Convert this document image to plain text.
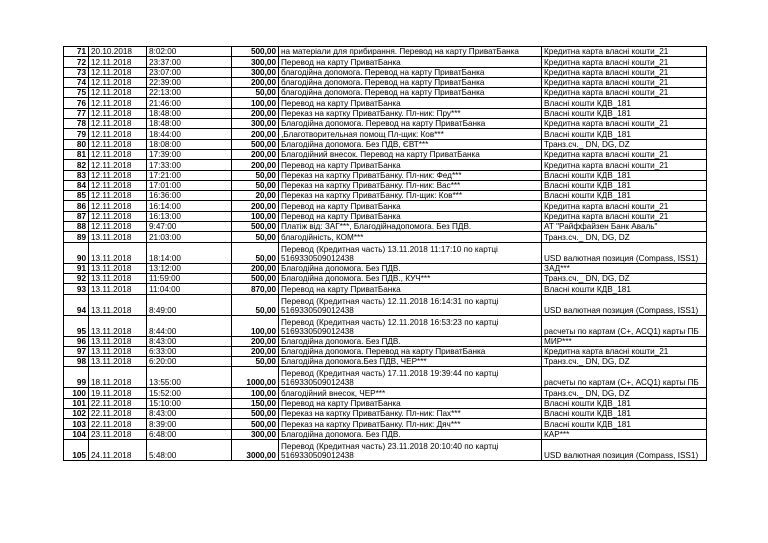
71	20.10.2018	8:02:00	500,00	на матеріали для прибирання. Перевод на карту ПриватБанка	Кредитна карта власні кошти_21
72	12.11.2018	23:37:00	300,00	Перевод на карту ПриватБанка	Кредитна карта власні кошти_21
73	12.11.2018	23:07:00	300,00	благодійна допомога. Перевод на карту ПриватБанка	Кредитна карта власні кошти_21
74	12.11.2018	22:39:00	200,00	благодійна допомога. Перевод на карту ПриватБанка	Кредитна карта власні кошти_21
75	12.11.2018	22:13:00	50,00	благодійна допомога. Перевод на карту ПриватБанка	Кредитна карта власні кошти_21
76	12.11.2018	21:46:00	100,00	Перевод на карту ПриватБанка	Власні кошти КДВ_181
77	12.11.2018	18:48:00	200,00	Переказ на картку ПриватБанку. Пл-ник: Пру***	Власні кошти КДВ_181
78	12.11.2018	18:48:00	300,00	Благодійна допомога. Перевод на карту ПриватБанка	Кредитна карта власні кошти_21
79	12.11.2018	18:44:00	200,00	,Благотворительная помощ Пл-щик: Ков***	Власні кошти КДВ_181
80	12.11.2018	18:08:00	500,00	Благодійна допомога. Без ПДВ, ЄВТ***	Транз.сч._ DN, DG, DZ
81	12.11.2018	17:39:00	200,00	Благодійний внесок. Перевод на карту ПриватБанка	Кредитна карта власні кошти_21
82	12.11.2018	17:33:00	200,00	Перевод на карту ПриватБанка	Кредитна карта власні кошти_21
83	12.11.2018	17:21:00	50,00	Переказ на картку ПриватБанку. Пл-ник: Фед***	Власні кошти КДВ_181
84	12.11.2018	17:01:00	50,00	Переказ на картку ПриватБанку. Пл-ник: Вас***	Власні кошти КДВ_181
85	12.11.2018	16:36:00	20,00	Переказ на картку ПриватБанку. Пл-щик: Ков***	Власні кошти КДВ_181
86	12.11.2018	16:14:00	200,00	Перевод на карту ПриватБанка	Кредитна карта власні кошти_21
87	12.11.2018	16:13:00	100,00	Перевод на карту ПриватБанка	Кредитна карта власні кошти_21
88	12.11.2018	9:47:00	500,00	Платіж від: ЗАГ***, Благодійнадопомога. Без ПДВ.	АТ "Райффайзен Банк Аваль"
89	13.11.2018	21:03:00	50,00	благодійність, КОМ***	Транз.сч._ DN, DG, DZ
90	13.11.2018	18:14:00	50,00	Перевод (Кредитная часть) 13.11.2018 11:17:10 по картці 5169330509012438	USD валютная позиция (Compass, ISS1)
91	13.11.2018	13:12:00	200,00	Благодійна допомога. Без ПДВ.	ЗАД***
92	13.11.2018	11:59:00	500,00	Благодійна допомога. Без ПДВ., КУЧ***	Транз.сч._ DN, DG, DZ
93	13.11.2018	11:04:00	870,00	Перевод на карту ПриватБанка	Власні кошти КДВ_181
94	13.11.2018	8:49:00	50,00	Перевод (Кредитная часть) 12.11.2018 16:14:31 по картці 5169330509012438	USD валютная позиция (Compass, ISS1)
95	13.11.2018	8:44:00	100,00	Перевод (Кредитная часть) 12.11.2018 16:53:23 по картці 5169330509012438	расчеты по картам (С+, ACQ1) карты ПБ
96	13.11.2018	8:43:00	200,00	Благодійна допомога. Без ПДВ.	МИР***
97	13.11.2018	6:33:00	200,00	Благодійна допомога. Перевод на карту ПриватБанка	Кредитна карта власні кошти_21
98	13.11.2018	6:20:00	50,00	Благодійна допомога.Без ПДВ, ЧЕР***	Транз.сч._ DN, DG, DZ
99	18.11.2018	13:55:00	1000,00	Перевод (Кредитная часть) 17.11.2018 19:39:44 по картці 5169330509012438	расчеты по картам (С+, ACQ1) карты ПБ
100	19.11.2018	15:52:00	100,00	благодійний внесок, ЧЕР***	Транз.сч._ DN, DG, DZ
101	22.11.2018	15:10:00	150,00	Перевод на карту ПриватБанка	Власні кошти КДВ_181
102	22.11.2018	8:43:00	500,00	Переказ на картку ПриватБанку. Пл-ник: Пах***	Власні кошти КДВ_181
103	22.11.2018	8:39:00	500,00	Переказ на картку ПриватБанку. Пл-ник: Дяч***	Власні кошти КДВ_181
104	23.11.2018	6:48:00	300,00	Благодійна допомога. Без ПДВ.	КАР***
105	24.11.2018	5:48:00	3000,00	Перевод (Кредитная часть) 23.11.2018 20:10:40 по картці 5169330509012438	USD валютная позиция (Compass, ISS1)
